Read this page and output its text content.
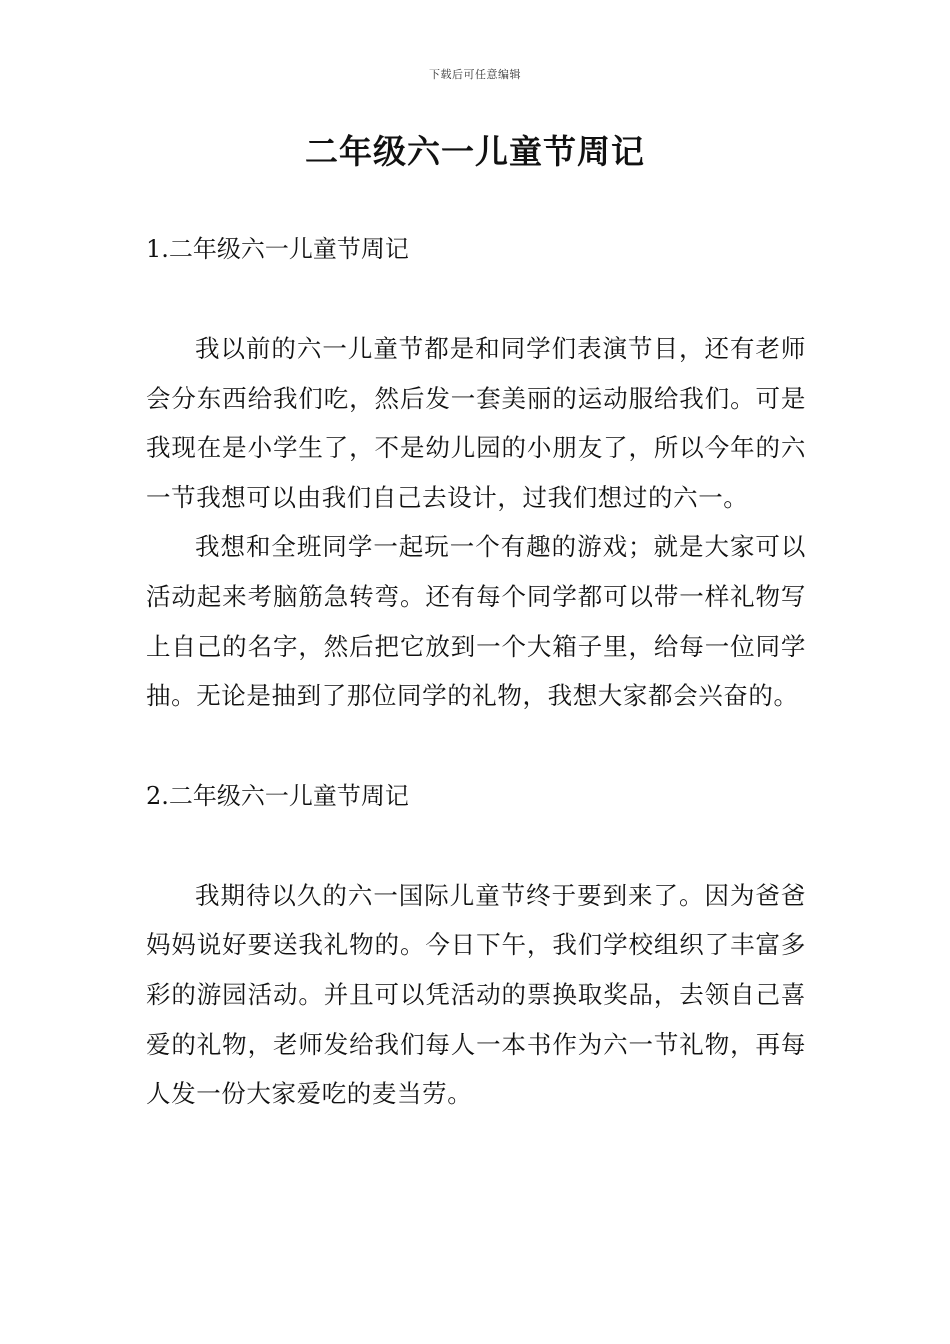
下载后可任意编辑
二年级六一儿童节周记

1.二年级六一儿童节周记

我以前的六一儿童节都是和同学们表演节目，还有老师会分东西给我们吃，然后发一套美丽的运动服给我们。可是我现在是小学生了，不是幼儿园的小朋友了，所以今年的六一节我想可以由我们自己去设计，过我们想过的六一。

我想和全班同学一起玩一个有趣的游戏；就是大家可以活动起来考脑筋急转弯。还有每个同学都可以带一样礼物写上自己的名字，然后把它放到一个大箱子里，给每一位同学抽。无论是抽到了那位同学的礼物，我想大家都会兴奋的。

2.二年级六一儿童节周记

我期待以久的六一国际儿童节终于要到来了。因为爸爸妈妈说好要送我礼物的。今日下午，我们学校组织了丰富多彩的游园活动。并且可以凭活动的票换取奖品，去领自己喜爱的礼物，老师发给我们每人一本书作为六一节礼物，再每人发一份大家爱吃的麦当劳。
